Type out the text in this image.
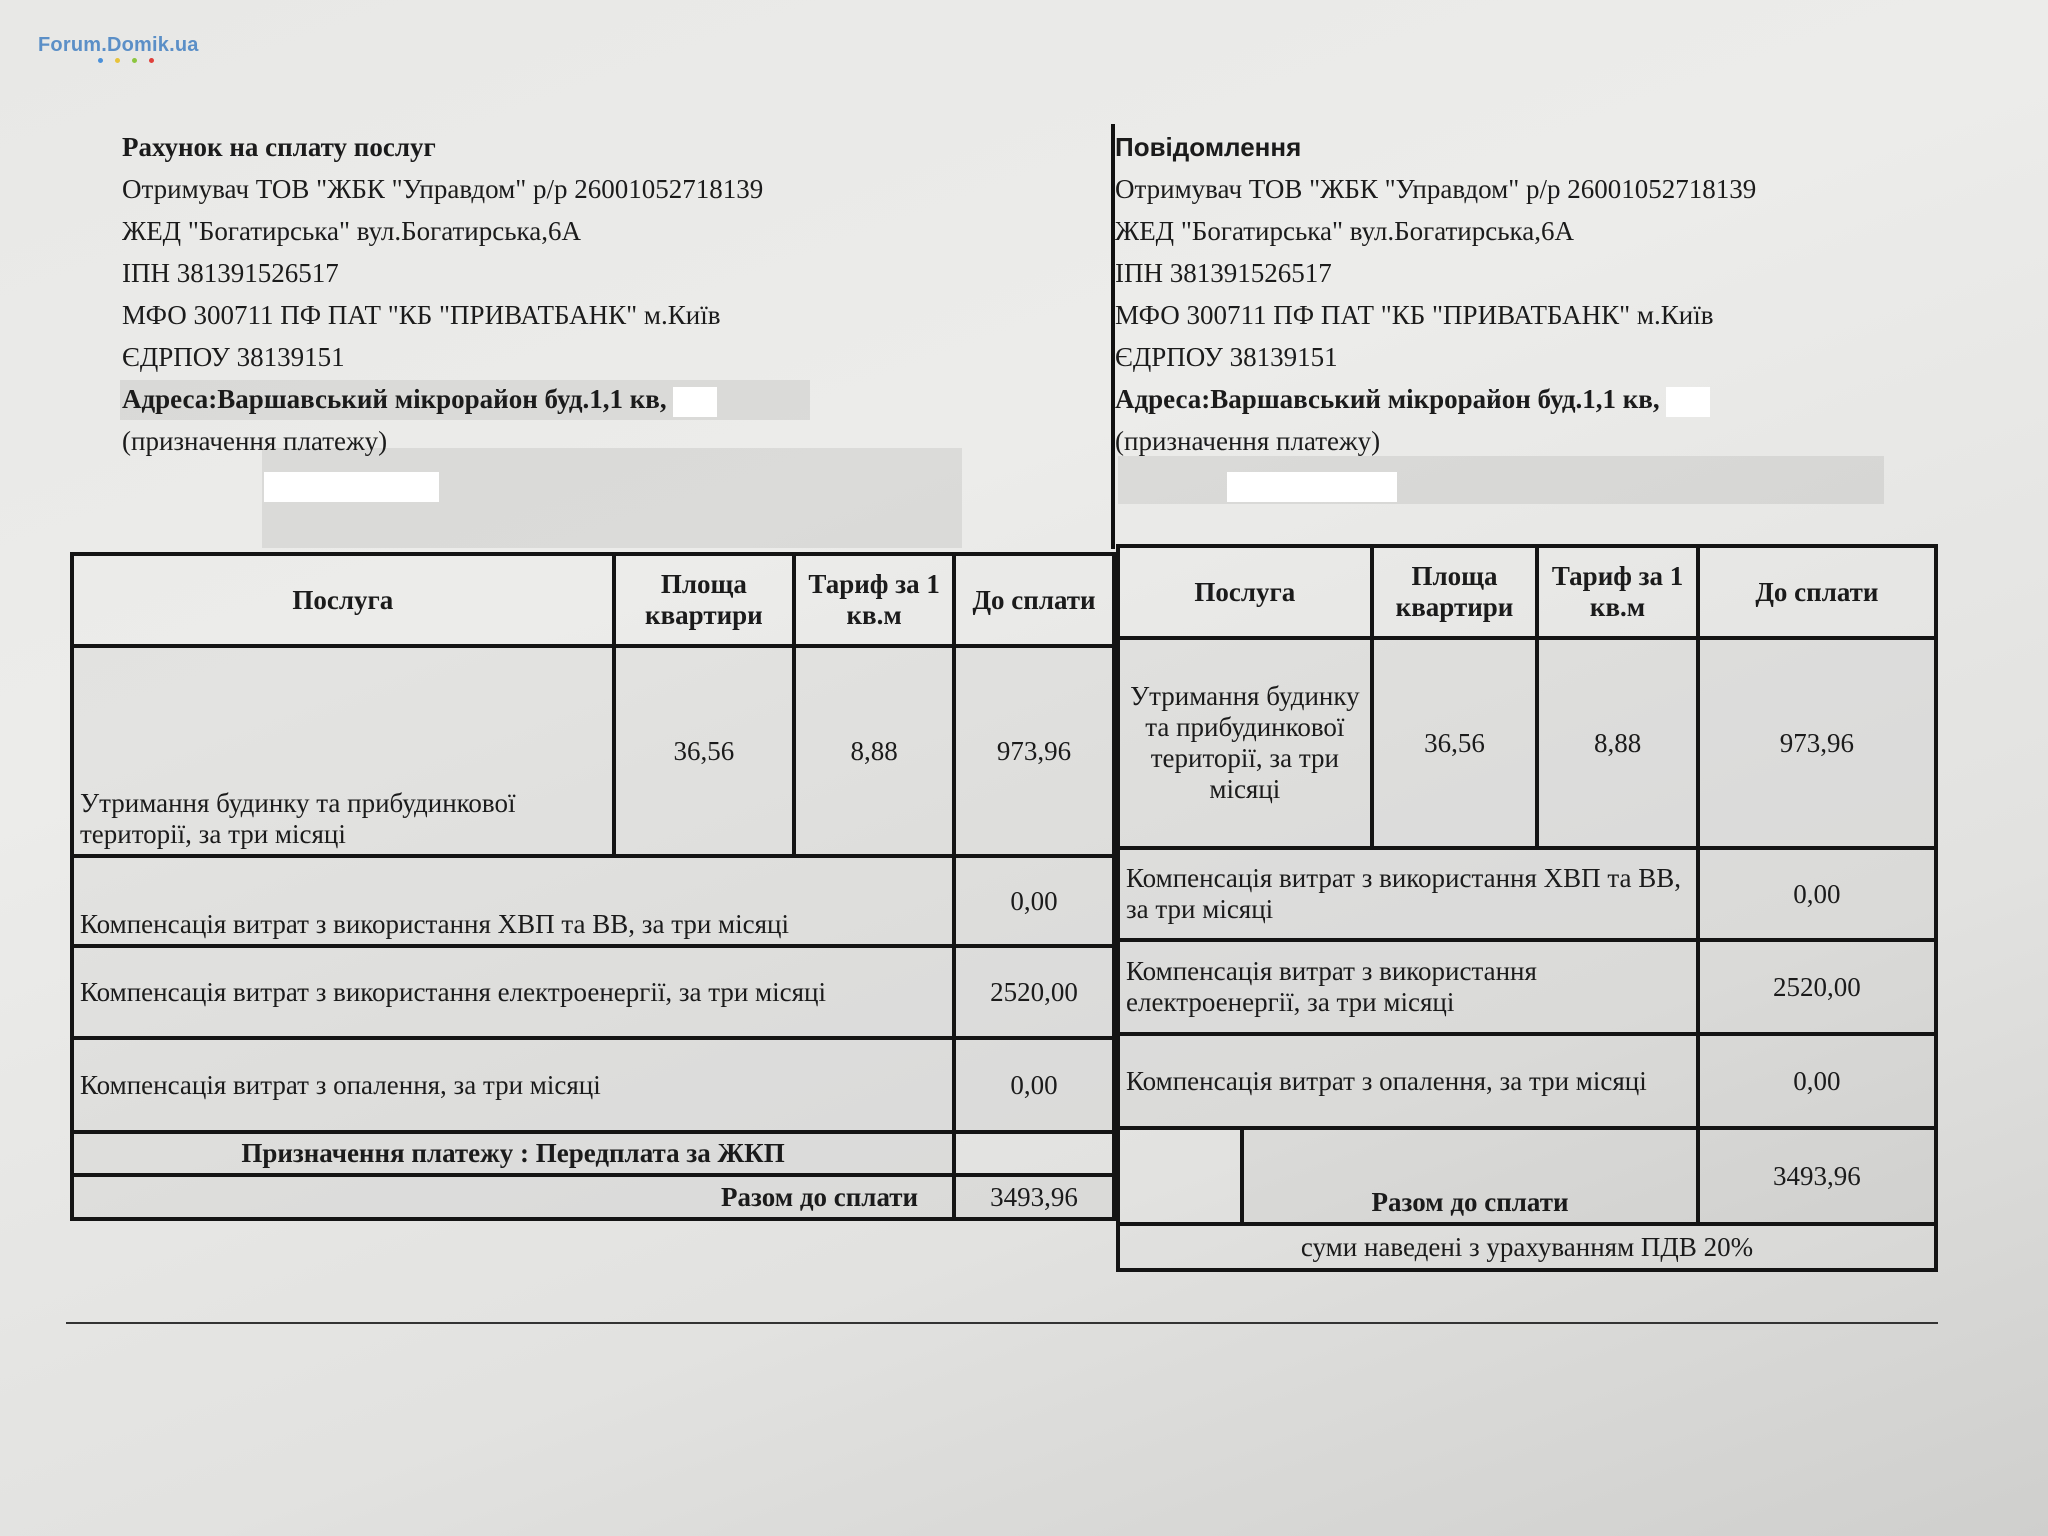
Forum.Domik.ua
Рахунок на сплату послуг
Отримувач ТОВ "ЖБК "Управдом" р/р 26001052718139
ЖЕД "Богатирська" вул.Богатирська,6А
ІПН 381391526517
МФО 300711 ПФ ПАТ "КБ "ПРИВАТБАНК" м.Київ
ЄДРПОУ 38139151
Адреса:Варшавський мікрорайон буд.1,1 кв,
(призначення платежу)
Повідомлення
Отримувач ТОВ "ЖБК "Управдом" р/р 26001052718139
ЖЕД "Богатирська" вул.Богатирська,6А
ІПН 381391526517
МФО 300711 ПФ ПАТ "КБ "ПРИВАТБАНК" м.Київ
ЄДРПОУ 38139151
Адреса:Варшавський мікрорайон буд.1,1 кв,
(призначення платежу)
Послуга	Площа квартири	Тариф за 1 кв.м	До сплати
Утримання будинку та прибудинкової території, за три місяці	36,56	8,88	973,96
Компенсація витрат з використання ХВП та ВВ, за три місяці			0,00
Компенсація витрат з використання електроенергії, за три місяці			2520,00
Компенсація витрат з опалення, за три місяці			0,00
Призначення платежу : Передплата за ЖКП			
Разом до сплати			3493,96
Послуга		Площа квартири	Тариф за 1 кв.м	До сплати
Утримання будинку та прибудинкової території, за три місяці		36,56	8,88	973,96
Компенсація витрат з використання ХВП та ВВ, за три місяці				0,00
Компенсація витрат з використання електроенергії, за три місяці				2520,00
Компенсація витрат з опалення, за три місяці				0,00
	Разом до сплати			3493,96
суми наведені з урахуванням ПДВ 20%				
